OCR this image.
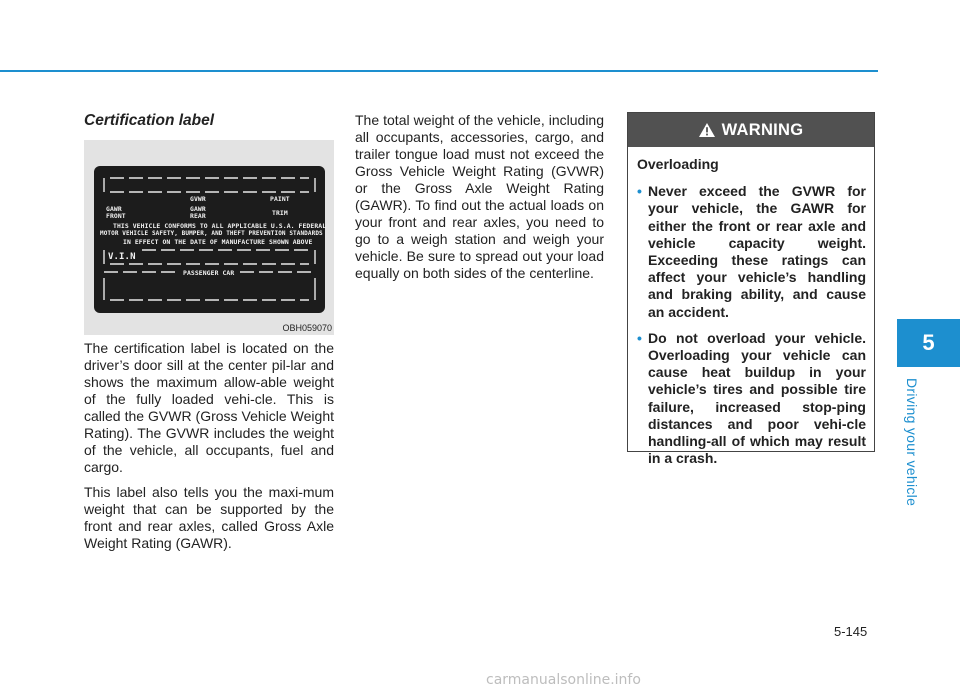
Certification label
GVWR	PAINT
GAWR	GAWR	TRIM
FRONT	REAR
THIS VEHICLE CONFORMS TO ALL APPLICABLE U.S.A. FEDERAL
MOTOR VEHICLE SAFETY, BUMPER, AND THEFT PREVENTION STANDARDS
IN EFFECT ON THE DATE OF MANUFACTURE SHOWN ABOVE
V.I.N
PASSENGER CAR
OBH059070

The certification label is located on the driver’s door sill at the center pil-lar and shows the maximum allow-able weight of the fully loaded vehi-cle. This is called the GVWR (Gross Vehicle Weight Rating). The GVWR includes the weight of the vehicle, all occupants, fuel and cargo.

This label also tells you the maxi-mum weight that can be supported by the front and rear axles, called Gross Axle Weight Rating (GAWR).

The total weight of the vehicle, including all occupants, accessories, cargo, and trailer tongue load must not exceed the Gross Vehicle Weight Rating (GVWR) or the Gross Axle Weight Rating (GAWR). To find out the actual loads on your front and rear axles, you need to go to a weigh station and weigh your vehicle. Be sure to spread out your load equally on both sides of the centerline.

WARNING
Overloading
• Never exceed the GVWR for your vehicle, the GAWR for either the front or rear axle and vehicle capacity weight. Exceeding these ratings can affect your vehicle’s handling and braking ability, and cause an accident.
• Do not overload your vehicle. Overloading your vehicle can cause heat buildup in your vehicle’s tires and possible tire failure, increased stop-ping distances and poor vehi-cle handling-all of which may result in a crash.
5
Driving your vehicle
5-145
carmanualsonline.info
